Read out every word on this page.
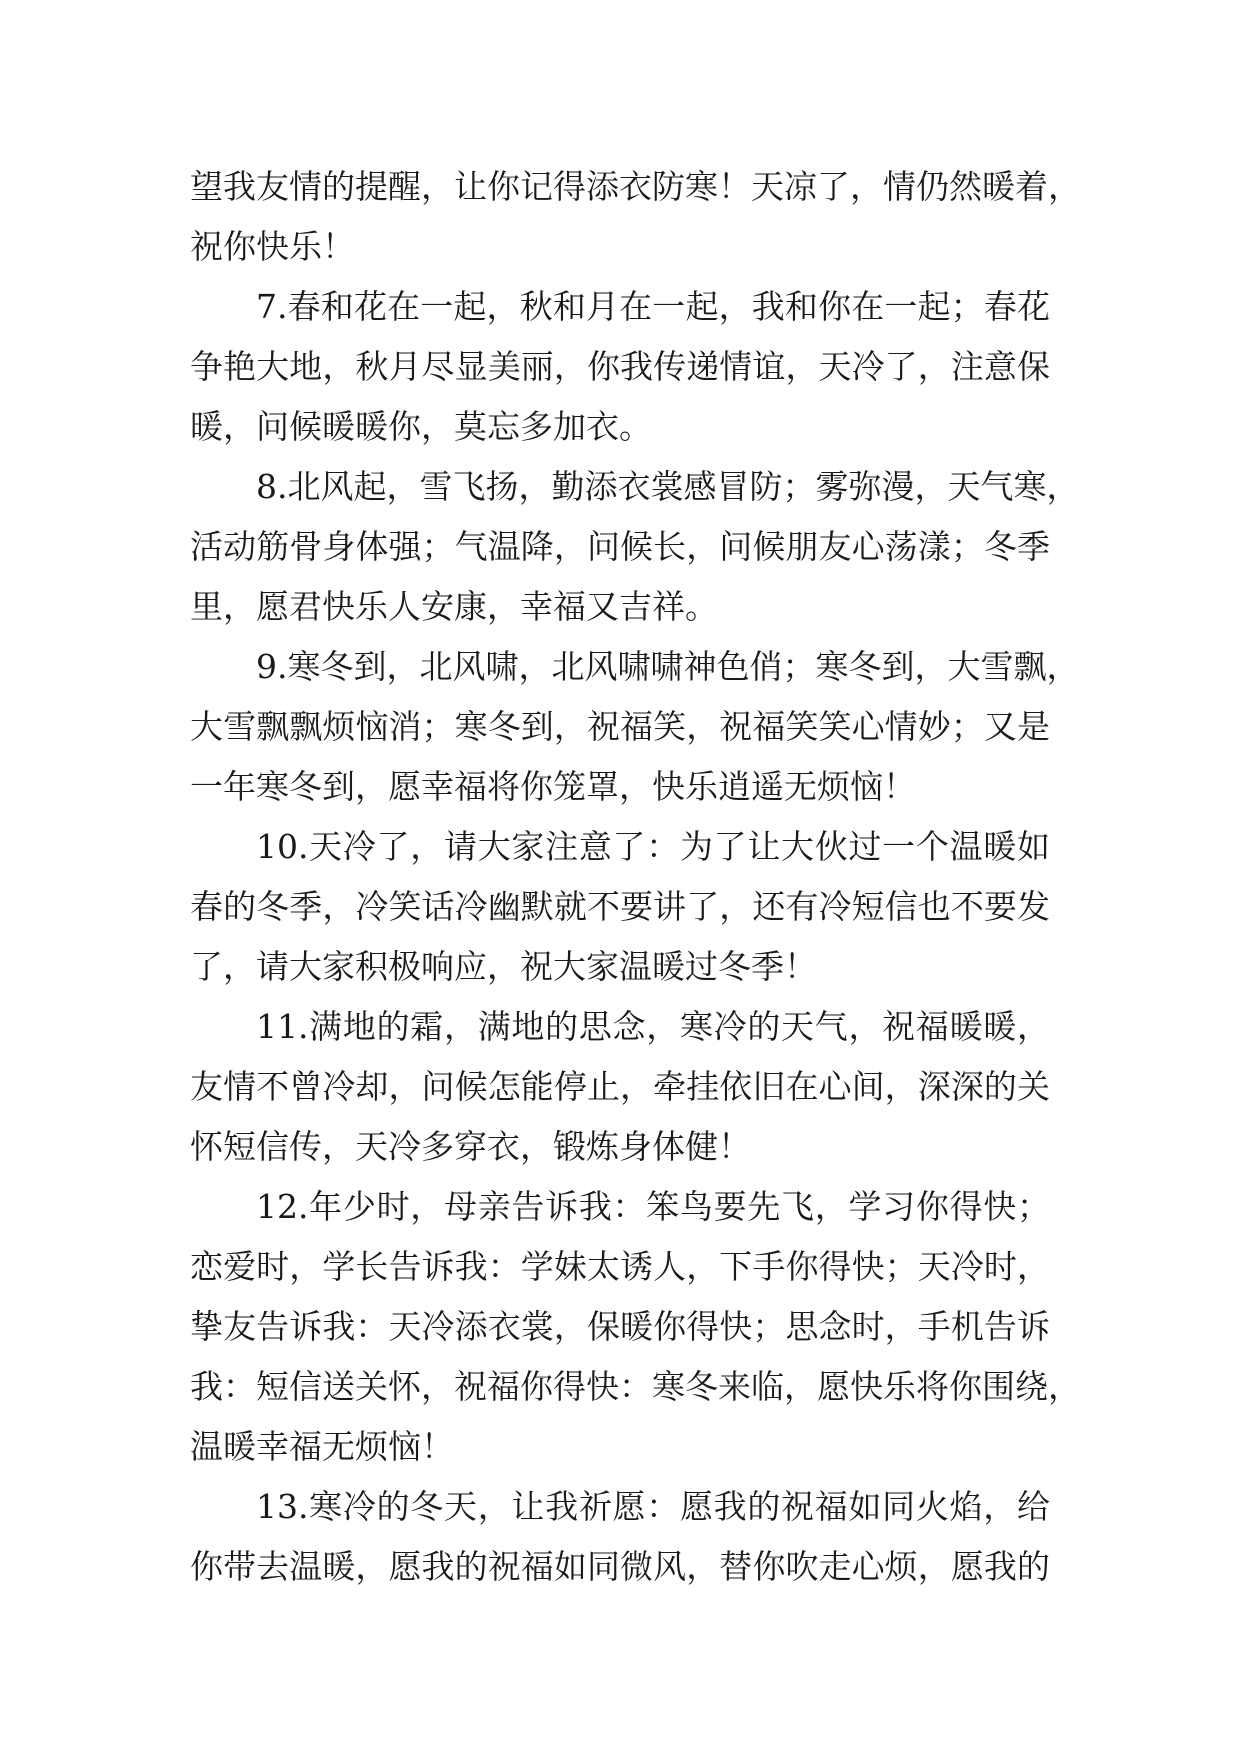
望我友情的提醒，让你记得添衣防寒！天凉了，情仍然暖着，
祝你快乐！
7.春和花在一起，秋和月在一起，我和你在一起；春花
争艳大地，秋月尽显美丽，你我传递情谊，天冷了，注意保
暖，问候暖暖你，莫忘多加衣。
8.北风起，雪飞扬，勤添衣裳感冒防；雾弥漫，天气寒，
活动筋骨身体强；气温降，问候长，问候朋友心荡漾；冬季
里，愿君快乐人安康，幸福又吉祥。
9.寒冬到，北风啸，北风啸啸神色俏；寒冬到，大雪飘，
大雪飘飘烦恼消；寒冬到，祝福笑，祝福笑笑心情妙；又是
一年寒冬到，愿幸福将你笼罩，快乐逍遥无烦恼！
10.天冷了，请大家注意了：为了让大伙过一个温暖如
春的冬季，冷笑话冷幽默就不要讲了，还有冷短信也不要发
了，请大家积极响应，祝大家温暖过冬季！
11.满地的霜，满地的思念，寒冷的天气，祝福暖暖，
友情不曾冷却，问候怎能停止，牵挂依旧在心间，深深的关
怀短信传，天冷多穿衣，锻炼身体健！
12.年少时，母亲告诉我：笨鸟要先飞，学习你得快；
恋爱时，学长告诉我：学妹太诱人，下手你得快；天冷时，
挚友告诉我：天冷添衣裳，保暖你得快；思念时，手机告诉
我：短信送关怀，祝福你得快：寒冬来临，愿快乐将你围绕，
温暖幸福无烦恼！
13.寒冷的冬天，让我祈愿：愿我的祝福如同火焰，给
你带去温暖，愿我的祝福如同微风，替你吹走心烦，愿我的
